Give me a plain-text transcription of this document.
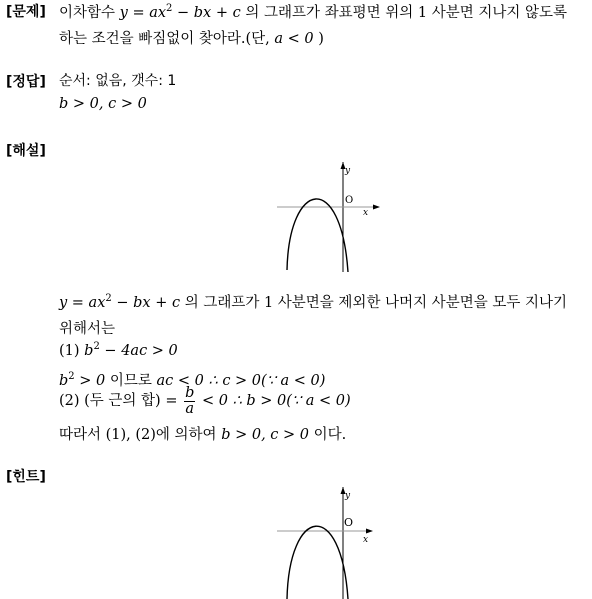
[문제] 이차함수 $y = ax^2$ − bx + c 의 그래프가 좌표평면 위의 1 사분면 지나지 않도록
하는 조건을 빠짐없이 찾아라.(단, a < 0 )
[정답] 순서: 없음, 갯수: 1
b > 0, c > 0
[해설]
y
x
O
$y = ax^2$ − bx + c 의 그래프가 1 사분면을 제외한 나머지 사분면을 모두 지나기
위해서는
(1) $b^2 - 4ac > 0$
$b^2 > 0$ 이므로 ac < 0 ∴ c > 0(∵ a < 0)
(2) (두 근의 합) = $\frac{b}{a} < 0$ ∴ b > 0(∵ a < 0)
따라서 (1), (2)에 의하여 b > 0, c > 0 이다.
[힌트]
y
x
O
